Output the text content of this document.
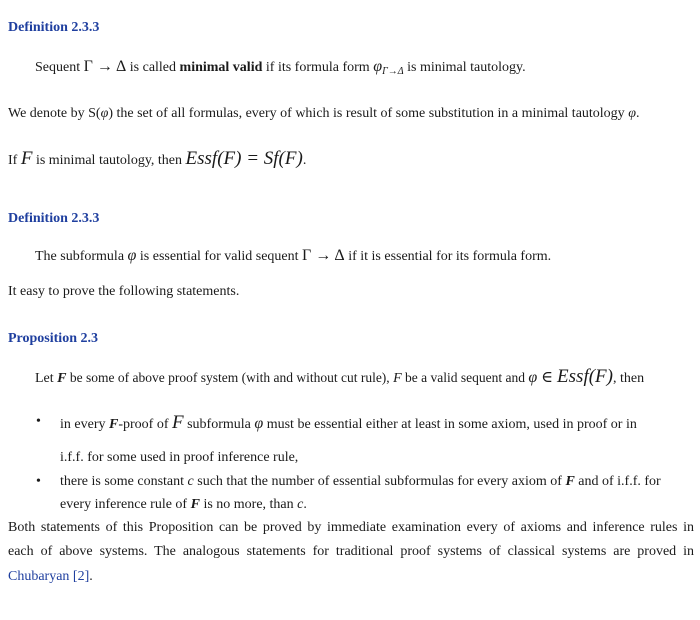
Definition 2.3.3
Sequent Γ → Δ is called minimal valid if its formula form $\varphi_{\Gamma\to\Delta}$ is minimal tautology.
We denote by S(φ) the set of all formulas, every of which is result of some substitution in a minimal tautology φ.
If F is minimal tautology, then Essf(F) = Sf(F).
Definition 2.3.3
The subformula φ is essential for valid sequent Γ → Δ if it is essential for its formula form.
It easy to prove the following statements.
Proposition 2.3
Let F be some of above proof system (with and without cut rule), F be a valid sequent and φ ∈ Essf(F), then
• in every F-proof of F subformula φ must be essential either at least in some axiom, used in proof or in
i.f.f. for some used in proof inference rule,
• there is some constant c such that the number of essential subformulas for every axiom of F and of i.f.f. for
every inference rule of F is no more, than c.
Both statements of this Proposition can be proved by immediate examination every of axioms and inference rules in
each of above systems. The analogous statements for traditional proof systems of classical systems are proved in
Chubaryan [2].
